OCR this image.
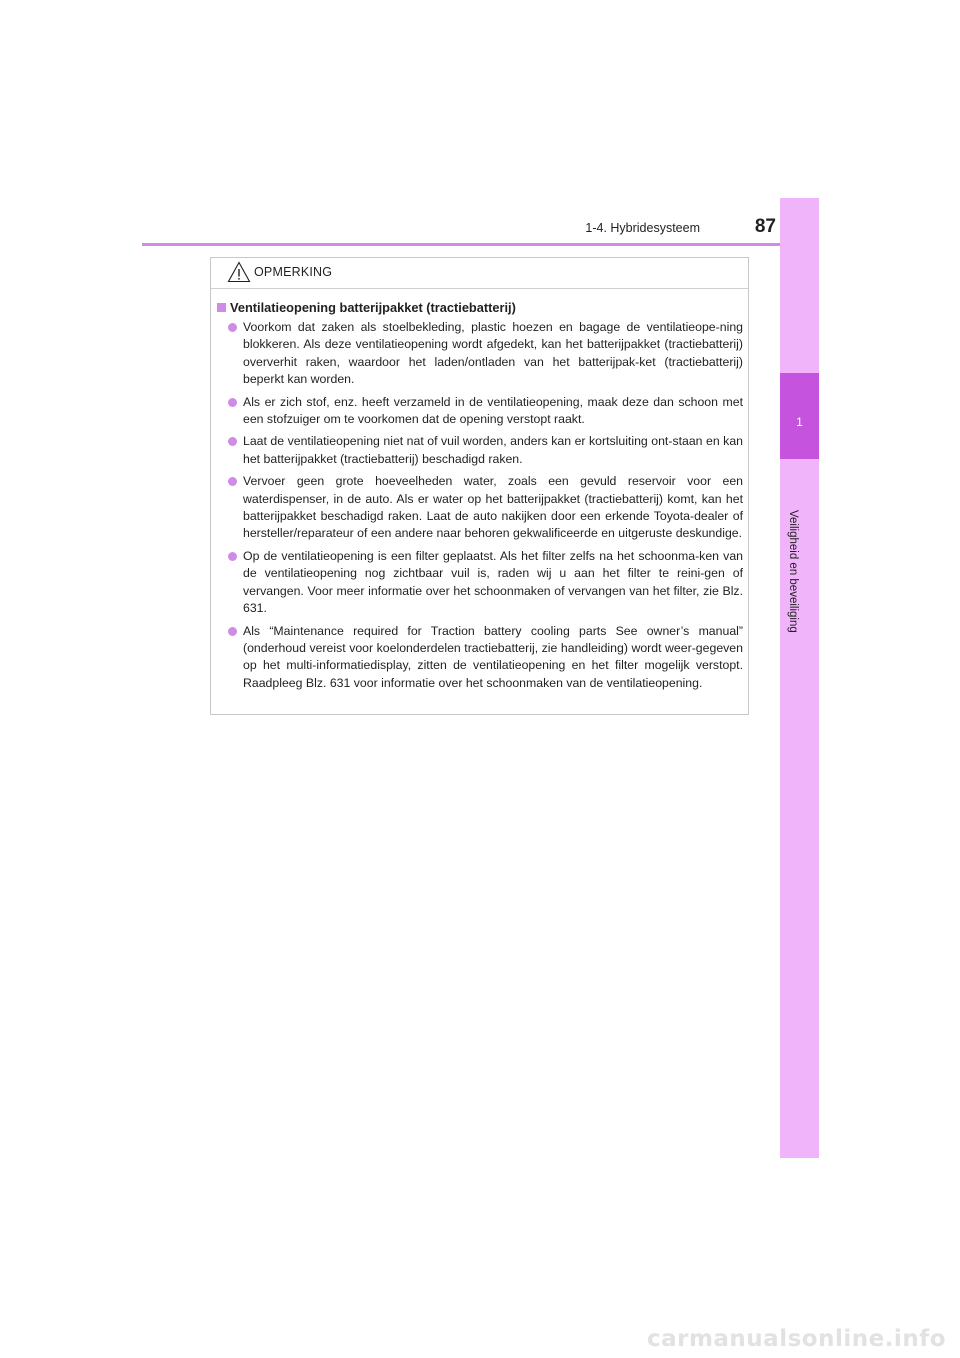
1-4. Hybridesysteem	87
1
Veiligheid en beveiliging
OPMERKING
Ventilatieopening batterijpakket (tractiebatterij)
Voorkom dat zaken als stoelbekleding, plastic hoezen en bagage de ventilatieope-ning blokkeren. Als deze ventilatieopening wordt afgedekt, kan het batterijpakket (tractiebatterij) oververhit raken, waardoor het laden/ontladen van het batterijpak-ket (tractiebatterij) beperkt kan worden.
Als er zich stof, enz. heeft verzameld in de ventilatieopening, maak deze dan schoon met een stofzuiger om te voorkomen dat de opening verstopt raakt.
Laat de ventilatieopening niet nat of vuil worden, anders kan er kortsluiting ont-staan en kan het batterijpakket (tractiebatterij) beschadigd raken.
Vervoer geen grote hoeveelheden water, zoals een gevuld reservoir voor een waterdispenser, in de auto. Als er water op het batterijpakket (tractiebatterij) komt, kan het batterijpakket beschadigd raken. Laat de auto nakijken door een erkende Toyota-dealer of hersteller/reparateur of een andere naar behoren gekwalificeerde en uitgeruste deskundige.
Op de ventilatieopening is een filter geplaatst. Als het filter zelfs na het schoonma-ken van de ventilatieopening nog zichtbaar vuil is, raden wij u aan het filter te reini-gen of vervangen. Voor meer informatie over het schoonmaken of vervangen van het filter, zie Blz. 631.
Als “Maintenance required for Traction battery cooling parts See owner’s manual” (onderhoud vereist voor koelonderdelen tractiebatterij, zie handleiding) wordt weer-gegeven op het multi-informatiedisplay, zitten de ventilatieopening en het filter mogelijk verstopt. Raadpleeg Blz. 631 voor informatie over het schoonmaken van de ventilatieopening.
carmanualsonline.info
